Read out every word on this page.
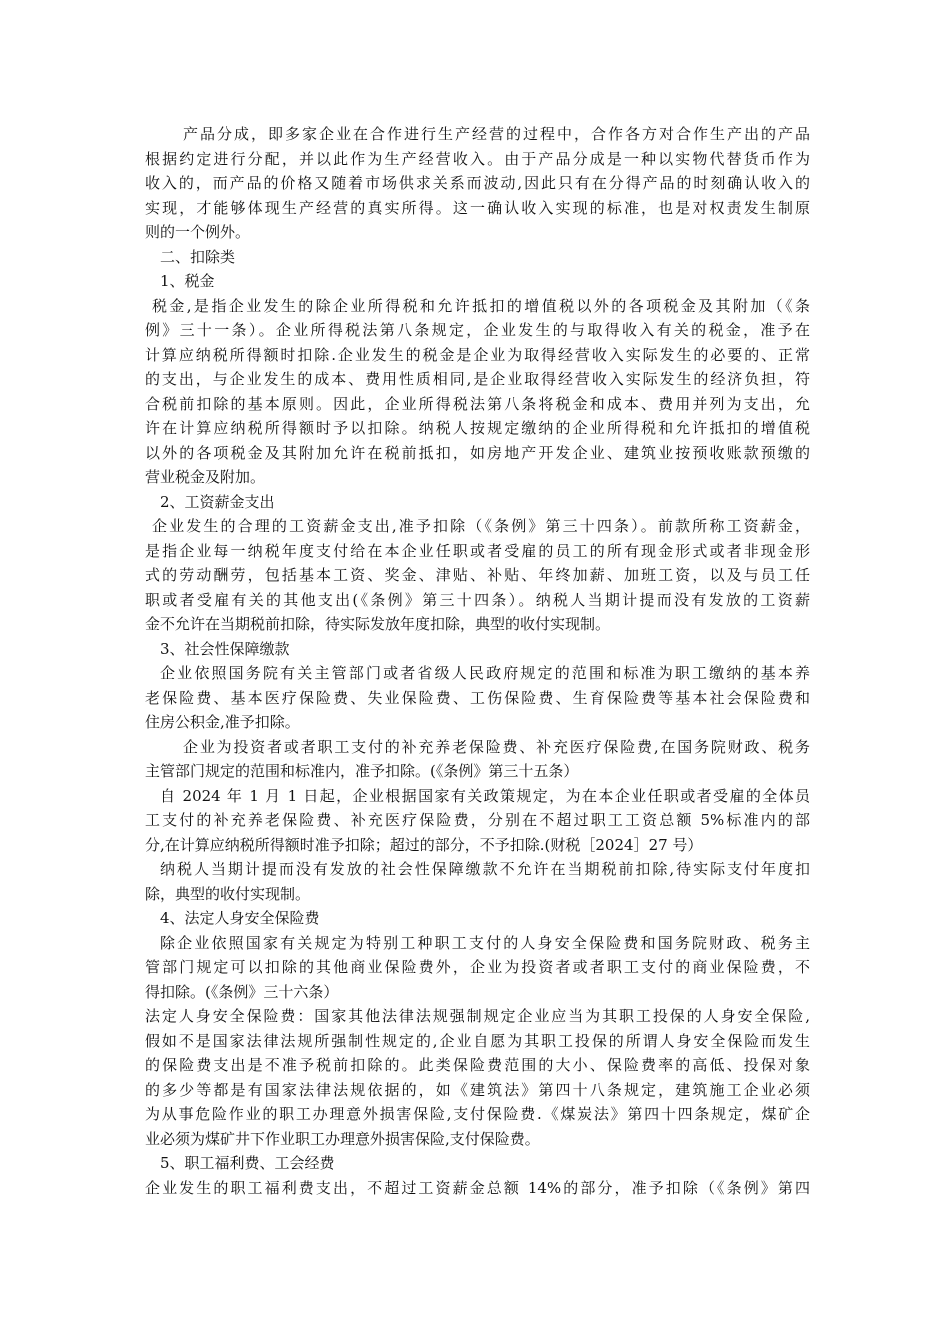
产品分成，即多家企业在合作进行生产经营的过程中，合作各方对合作生产出的产品
根据约定进行分配，并以此作为生产经营收入。由于产品分成是一种以实物代替货币作为
收入的，而产品的价格又随着市场供求关系而波动,因此只有在分得产品的时刻确认收入的
实现，才能够体现生产经营的真实所得。这一确认收入实现的标准，也是对权责发生制原
则的一个例外。
二、扣除类
1、税金
税金,是指企业发生的除企业所得税和允许抵扣的增值税以外的各项税金及其附加（《条
例》三十一条）。企业所得税法第八条规定，企业发生的与取得收入有关的税金，准予在
计算应纳税所得额时扣除.企业发生的税金是企业为取得经营收入实际发生的必要的、正常
的支出，与企业发生的成本、费用性质相同,是企业取得经营收入实际发生的经济负担，符
合税前扣除的基本原则。因此，企业所得税法第八条将税金和成本、费用并列为支出，允
许在计算应纳税所得额时予以扣除。纳税人按规定缴纳的企业所得税和允许抵扣的增值税
以外的各项税金及其附加允许在税前抵扣，如房地产开发企业、建筑业按预收账款预缴的
营业税金及附加。
2、工资薪金支出
企业发生的合理的工资薪金支出,准予扣除（《条例》第三十四条）。前款所称工资薪金，
是指企业每一纳税年度支付给在本企业任职或者受雇的员工的所有现金形式或者非现金形
式的劳动酬劳，包括基本工资、奖金、津贴、补贴、年终加薪、加班工资，以及与员工任
职或者受雇有关的其他支出(《条例》第三十四条）。纳税人当期计提而没有发放的工资薪
金不允许在当期税前扣除，待实际发放年度扣除，典型的收付实现制。
3、社会性保障缴款
企业依照国务院有关主管部门或者省级人民政府规定的范围和标准为职工缴纳的基本养
老保险费、基本医疗保险费、失业保险费、工伤保险费、生育保险费等基本社会保险费和
住房公积金,准予扣除。
企业为投资者或者职工支付的补充养老保险费、补充医疗保险费,在国务院财政、税务
主管部门规定的范围和标准内，准予扣除。(《条例》第三十五条）
自 2024 年 1 月 1 日起，企业根据国家有关政策规定，为在本企业任职或者受雇的全体员
工支付的补充养老保险费、补充医疗保险费，分别在不超过职工工资总额 5%标准内的部
分,在计算应纳税所得额时准予扣除；超过的部分，不予扣除.(财税［2024］27 号）
纳税人当期计提而没有发放的社会性保障缴款不允许在当期税前扣除,待实际支付年度扣
除，典型的收付实现制。
4、法定人身安全保险费
除企业依照国家有关规定为特别工种职工支付的人身安全保险费和国务院财政、税务主
管部门规定可以扣除的其他商业保险费外，企业为投资者或者职工支付的商业保险费，不
得扣除。(《条例》三十六条）
法定人身安全保险费：国家其他法律法规强制规定企业应当为其职工投保的人身安全保险,
假如不是国家法律法规所强制性规定的,企业自愿为其职工投保的所谓人身安全保险而发生
的保险费支出是不准予税前扣除的。此类保险费范围的大小、保险费率的高低、投保对象
的多少等都是有国家法律法规依据的，如《建筑法》第四十八条规定，建筑施工企业必须
为从事危险作业的职工办理意外损害保险,支付保险费.《煤炭法》第四十四条规定，煤矿企
业必须为煤矿井下作业职工办理意外损害保险,支付保险费。
5、职工福利费、工会经费
企业发生的职工福利费支出，不超过工资薪金总额 14%的部分，准予扣除（《条例》第四
